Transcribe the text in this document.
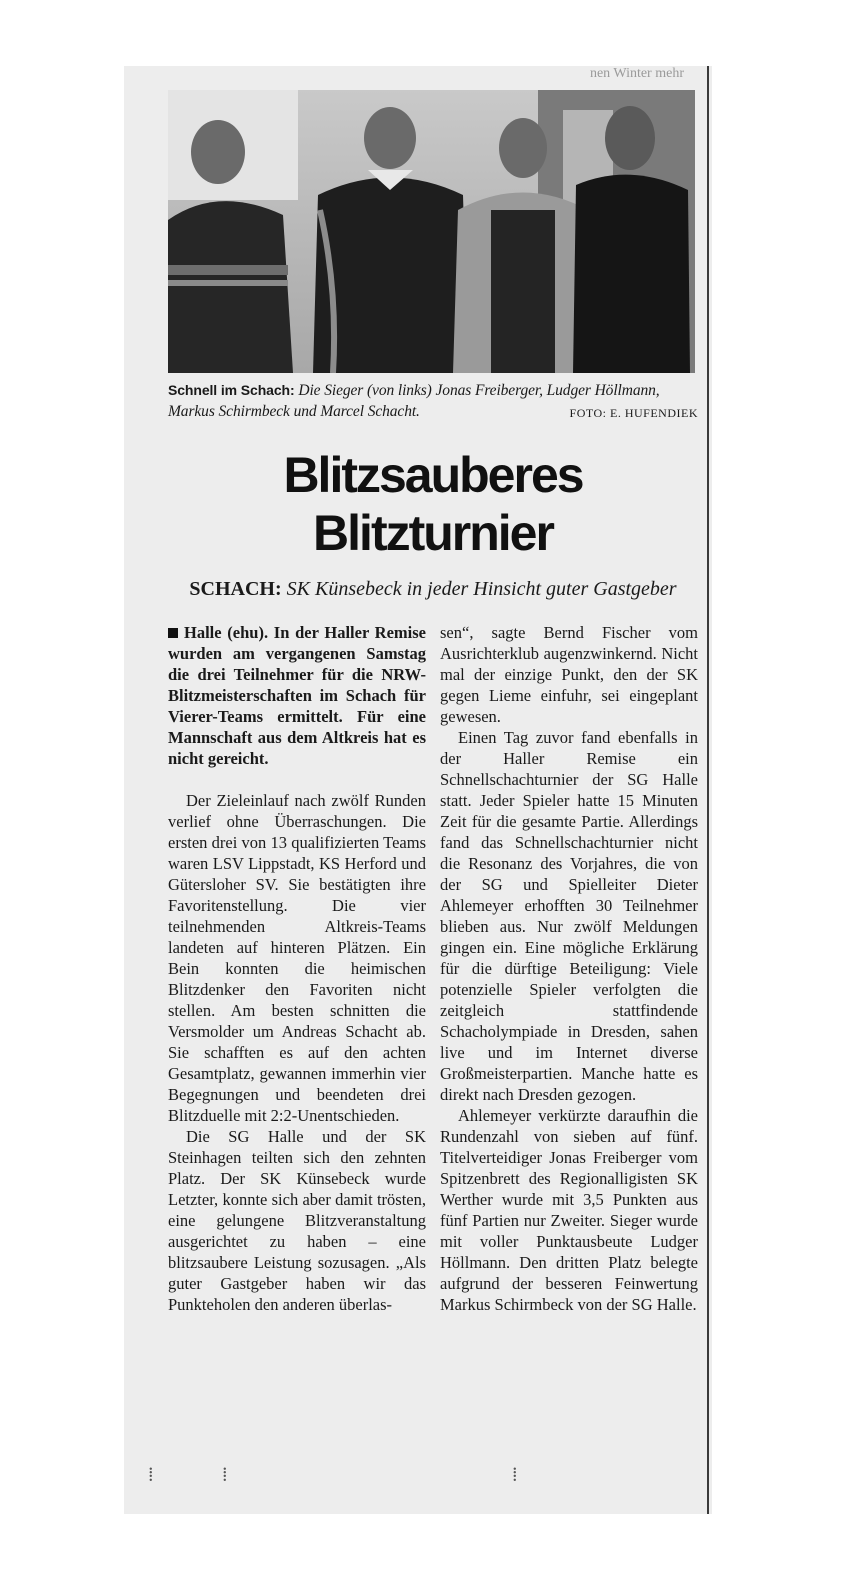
nen Winter mehr
Schnell im Schach: Die Sieger (von links) Jonas Freiberger, Ludger Höllmann, Markus Schirmbeck und Marcel Schacht.	FOTO: E. HUFENDIEK
Blitzsauberes
Blitzturnier
SCHACH: SK Künsebeck in jeder Hinsicht guter Gastgeber

Halle (ehu). In der Haller Remise wurden am vergangenen Samstag die drei Teilnehmer für die NRW-Blitzmeisterschaften im Schach für Vierer-Teams ermittelt. Für eine Mannschaft aus dem Altkreis hat es nicht gereicht.

Der Zieleinlauf nach zwölf Runden verlief ohne Überraschungen. Die ersten drei von 13 qualifizierten Teams waren LSV Lippstadt, KS Herford und Gütersloher SV. Sie bestätigten ihre Favoritenstellung. Die vier teilnehmenden Altkreis-Teams landeten auf hinteren Plätzen. Ein Bein konnten die heimischen Blitzdenker den Favoriten nicht stellen. Am besten schnitten die Versmolder um Andreas Schacht ab. Sie schafften es auf den achten Gesamtplatz, gewannen immerhin vier Begegnungen und beendeten drei Blitzduelle mit 2:2-Unentschieden.

Die SG Halle und der SK Steinhagen teilten sich den zehnten Platz. Der SK Künsebeck wurde Letzter, konnte sich aber damit trösten, eine gelungene Blitzveranstaltung ausgerichtet zu haben – eine blitzsaubere Leistung sozusagen. „Als guter Gastgeber haben wir das Punkteholen den anderen überlas-

sen“, sagte Bernd Fischer vom Ausrichterklub augenzwinkernd. Nicht mal der einzige Punkt, den der SK gegen Lieme einfuhr, sei eingeplant gewesen.

Einen Tag zuvor fand ebenfalls in der Haller Remise ein Schnellschachturnier der SG Halle statt. Jeder Spieler hatte 15 Minuten Zeit für die gesamte Partie. Allerdings fand das Schnellschachturnier nicht die Resonanz des Vorjahres, die von der SG und Spielleiter Dieter Ahlemeyer erhofften 30 Teilnehmer blieben aus. Nur zwölf Meldungen gingen ein. Eine mögliche Erklärung für die dürftige Beteiligung: Viele potenzielle Spieler verfolgten die zeitgleich stattfindende Schacholympiade in Dresden, sahen live und im Internet diverse Großmeisterpartien. Manche hatte es direkt nach Dresden gezogen.

Ahlemeyer verkürzte daraufhin die Rundenzahl von sieben auf fünf. Titelverteidiger Jonas Freiberger vom Spitzenbrett des Regionalligisten SK Werther wurde mit 3,5 Punkten aus fünf Partien nur Zweiter. Sieger wurde mit voller Punktausbeute Ludger Höllmann. Den dritten Platz belegte aufgrund der besseren Feinwertung Markus Schirmbeck von der SG Halle.

⁞	⁞	⁞
